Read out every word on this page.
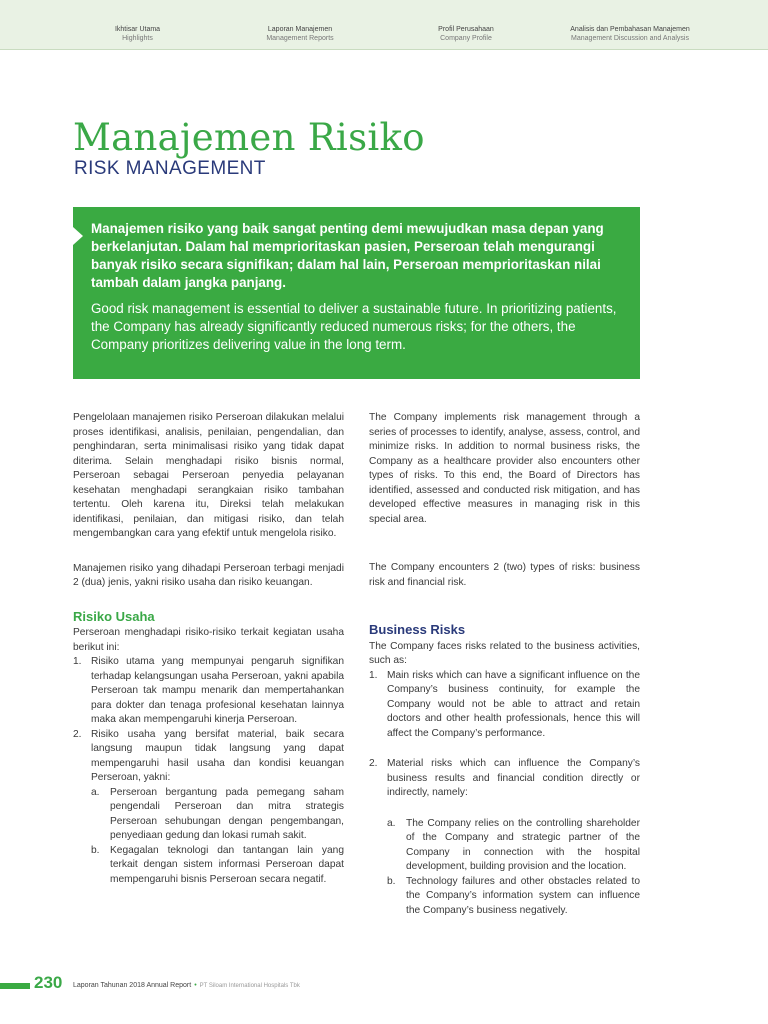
Ikhtisar Utama
Highlights
Laporan Manajemen
Management Reports
Profil Perusahaan
Company Profile
Analisis dan Pembahasan Manajemen
Management Discussion and Analysis
Manajemen Risiko
RISK MANAGEMENT
Manajemen risiko yang baik sangat penting demi mewujudkan masa depan yang berkelanjutan. Dalam hal memprioritaskan pasien, Perseroan telah mengurangi banyak risiko secara signifikan; dalam hal lain, Perseroan memprioritaskan nilai tambah dalam jangka panjang.
Good risk management is essential to deliver a sustainable future. In prioritizing patients, the Company has already significantly reduced numerous risks; for the others, the Company prioritizes delivering value in the long term.

Pengelolaan manajemen risiko Perseroan dilakukan melalui proses identifikasi, analisis, penilaian, pengendalian, dan penghindaran, serta minimalisasi risiko yang tidak dapat diterima. Selain menghadapi risiko bisnis normal, Perseroan sebagai Perseroan penyedia pelayanan kesehatan menghadapi serangkaian risiko tambahan tertentu. Oleh karena itu, Direksi telah melakukan identifikasi, penilaian, dan mitigasi risiko, dan telah mengembangkan cara yang efektif untuk mengelola risiko.

Manajemen risiko yang dihadapi Perseroan terbagi menjadi 2 (dua) jenis, yakni risiko usaha dan risiko keuangan.

Risiko Usaha

Perseroan menghadapi risiko-risiko terkait kegiatan usaha berikut ini:

1. Risiko utama yang mempunyai pengaruh signifikan terhadap kelangsungan usaha Perseroan, yakni apabila Perseroan tak mampu menarik dan mempertahankan para dokter dan tenaga profesional kesehatan lainnya maka akan mempengaruhi kinerja Perseroan.
2. Risiko usaha yang bersifat material, baik secara langsung maupun tidak langsung yang dapat mempengaruhi hasil usaha dan kondisi keuangan Perseroan, yakni:
a. Perseroan bergantung pada pemegang saham pengendali Perseroan dan mitra strategis Perseroan sehubungan dengan pengembangan, penyediaan gedung dan lokasi rumah sakit.
b. Kegagalan teknologi dan tantangan lain yang terkait dengan sistem informasi Perseroan dapat mempengaruhi bisnis Perseroan secara negatif.

The Company implements risk management through a series of processes to identify, analyse, assess, control, and minimize risks. In addition to normal business risks, the Company as a healthcare provider also encounters other types of risks. To this end, the Board of Directors has identified, assessed and conducted risk mitigation, and has developed effective measures in managing risk in this special area.

The Company encounters 2 (two) types of risks: business risk and financial risk.

Business Risks

The Company faces risks related to the business activities, such as:

1. Main risks which can have a significant influence on the Company’s business continuity, for example the Company would not be able to attract and retain doctors and other health professionals, hence this will affect the Company’s performance.
2. Material risks which can influence the Company’s business results and financial condition directly or indirectly, namely:
a. The Company relies on the controlling shareholder of the Company and strategic partner of the Company in connection with the hospital development, building provision and the location.
b. Technology failures and other obstacles related to the Company’s information system can influence the Company’s business negatively.
230 Laporan Tahunan 2018 Annual Report • PT Siloam International Hospitals Tbk
